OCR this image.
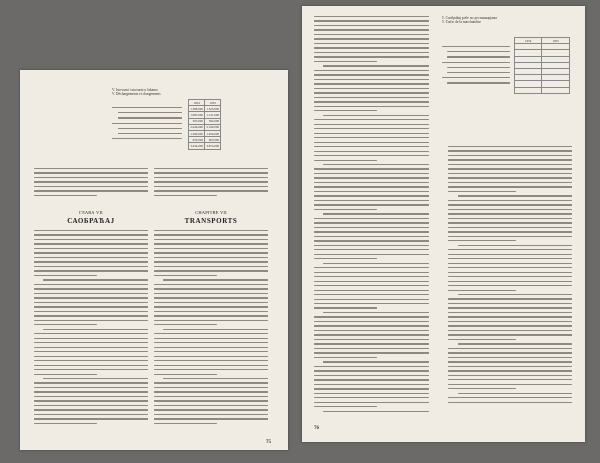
V. Istovarni i utovarni u lukama
V. Déchargements et chargements
1954	1955
1.388.000	1.525.000
1.085.000	1.131.000
303.000	394.000
2.046.000	2.349.000
1.390.000	1.656.000
656.000	693.000
3.434.000	3.874.000
ГЛАВА VII
САОБРАЋАЈ
CHAPITRE VII
TRANSPORTS
75
5. Саобраћај робе по дестинацијама
5. Trafic de la marchandise
1954	1955

76
